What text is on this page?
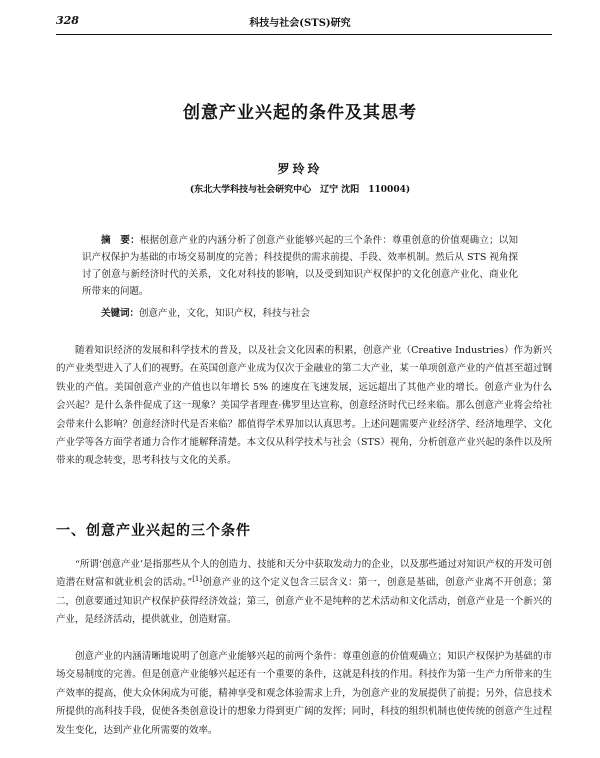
328	科技与社会(STS)研究
创意产业兴起的条件及其思考
罗玲玲
(东北大学科技与社会研究中心　辽宁 沈阳　110004)
摘　要：根据创意产业的内涵分析了创意产业能够兴起的三个条件：尊重创意的价值观确立；以知识产权保护为基础的市场交易制度的完善；科技提供的需求前提、手段、效率机制。然后从 STS 视角探讨了创意与新经济时代的关系，文化对科技的影响，以及受到知识产权保护的文化创意产业化、商业化所带来的问题。
关键词：创意产业，文化，知识产权，科技与社会
随着知识经济的发展和科学技术的普及，以及社会文化因素的积累，创意产业（Creative Industries）作为新兴的产业类型进入了人们的视野。在英国创意产业成为仅次于金融业的第二大产业，某一单项创意产业的产值甚至超过钢铁业的产值。美国创意产业的产值也以年增长 5% 的速度在飞速发展，远远超出了其他产业的增长。创意产业为什么会兴起？是什么条件促成了这一现象？美国学者理查·佛罗里达宣称，创意经济时代已经来临。那么创意产业将会给社会带来什么影响？创意经济时代是否来临？都值得学术界加以认真思考。上述问题需要产业经济学、经济地理学、文化产业学等各方面学者通力合作才能解释清楚。本文仅从科学技术与社会（STS）视角，分析创意产业兴起的条件以及所带来的观念转变，思考科技与文化的关系。
一、创意产业兴起的三个条件
“所谓‘创意产业’是指那些从个人的创造力、技能和天分中获取发动力的企业，以及那些通过对知识产权的开发可创造潜在财富和就业机会的活动。”[1]创意产业的这个定义包含三层含义：第一，创意是基础，创意产业离不开创意；第二，创意要通过知识产权保护获得经济效益；第三，创意产业不是纯粹的艺术活动和文化活动，创意产业是一个新兴的产业，是经济活动，提供就业，创造财富。
创意产业的内涵清晰地说明了创意产业能够兴起的前两个条件：尊重创意的价值观确立；知识产权保护为基础的市场交易制度的完善。但是创意产业能够兴起还有一个重要的条件，这就是科技的作用。科技作为第一生产力所带来的生产效率的提高，使大众休闲成为可能，精神享受和观念体验需求上升，为创意产业的发展提供了前提；另外，信息技术所提供的高科技手段，促使各类创意设计的想象力得到更广阔的发挥；同时，科技的组织机制也使传统的创意产生过程发生变化，达到产业化所需要的效率。
